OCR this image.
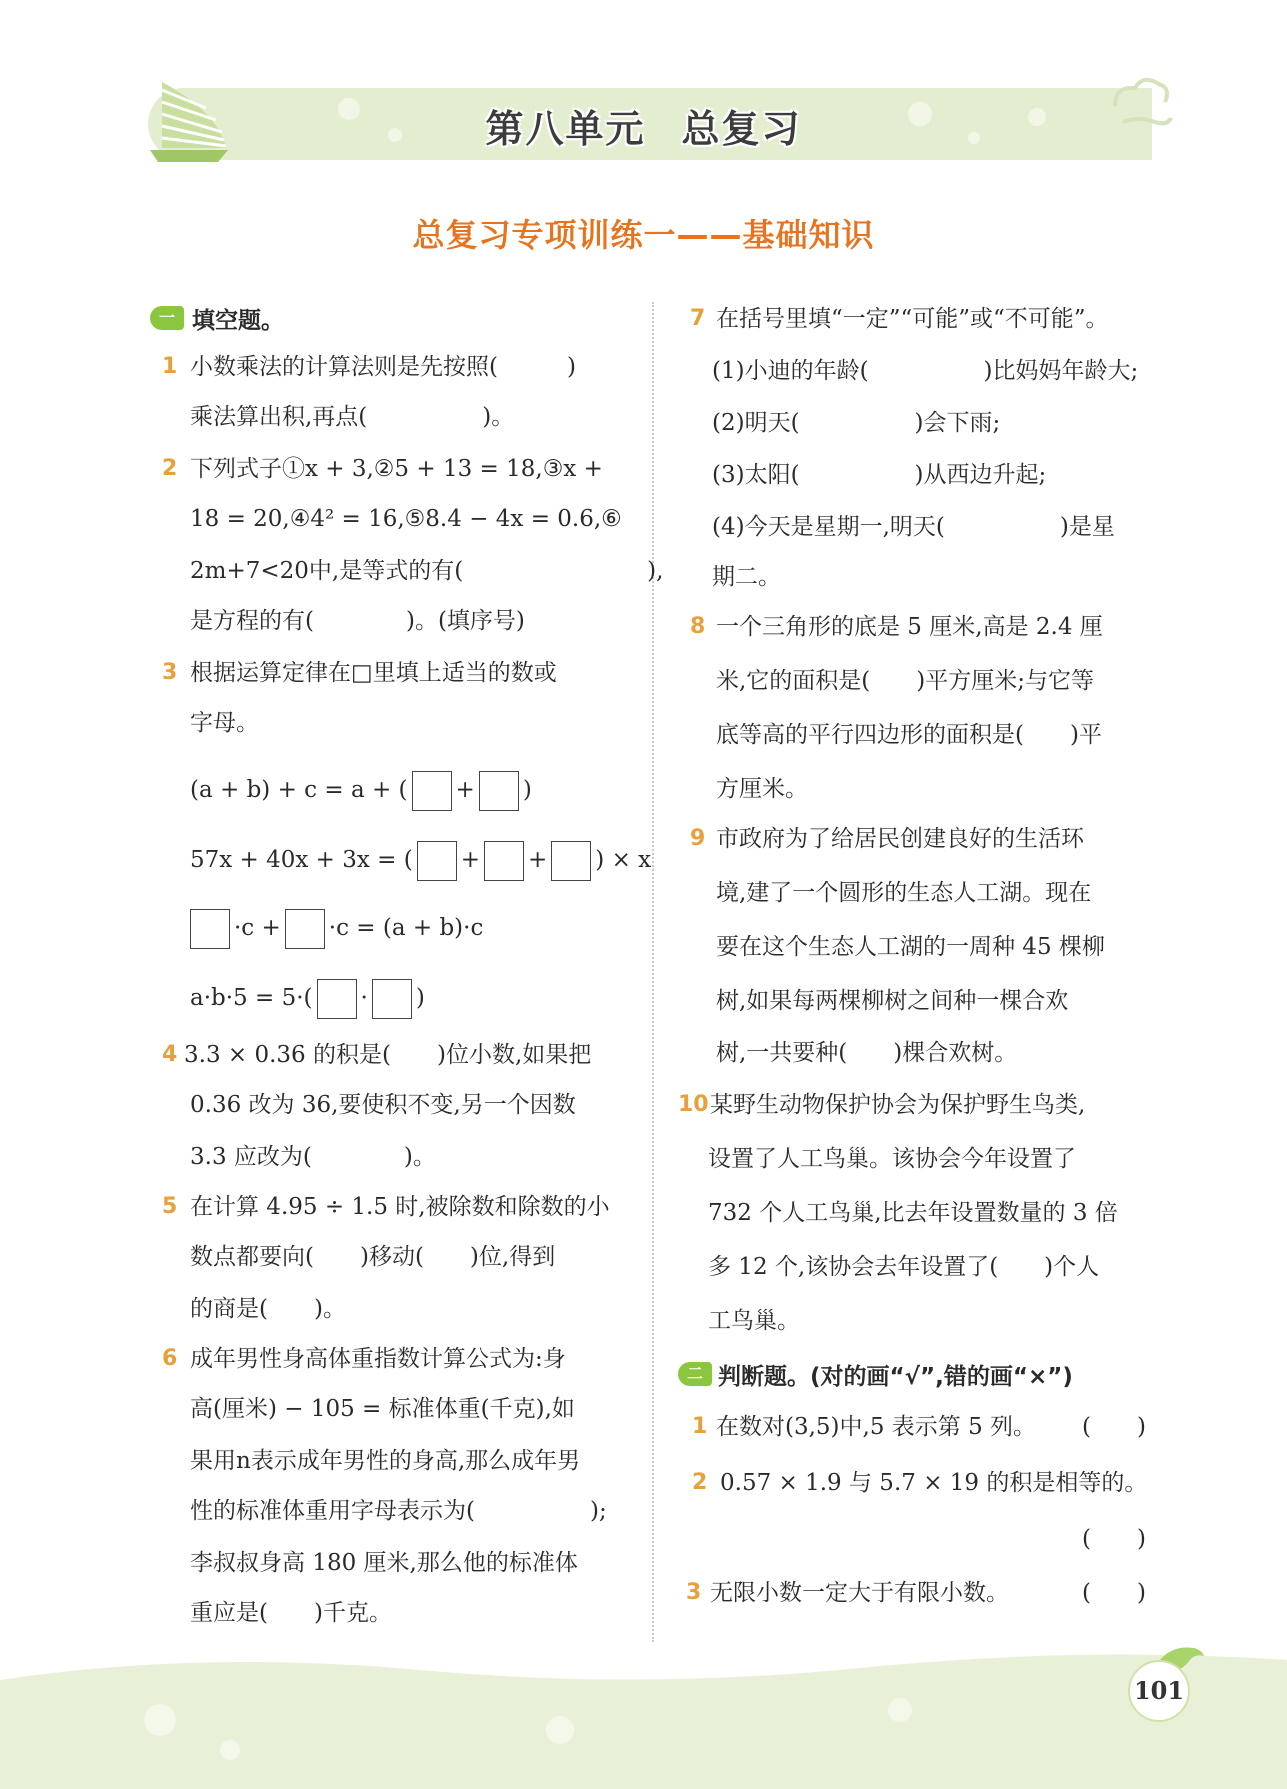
第八单元 总复习
总复习专项训练一——基础知识
一 填空题。
1 小数乘法的计算法则是先按照(　　　)
乘法算出积,再点(　　　　　)。
2 下列式子①x + 3,②5 + 13 = 18,③x +
18 = 20,④4² = 16,⑤8.4 − 4x = 0.6,⑥
2m+7<20中,是等式的有(　　　　　　　　),
是方程的有(　　　　)。(填序号)
3 根据运算定律在□里填上适当的数或
字母。
(a + b) + c = a + ( + )
57x + 40x + 3x = ( + + ) × x
·c + ·c = (a + b)·c
a·b·5 = 5·( · )
4 3.3 × 0.36 的积是(　　)位小数,如果把
0.36 改为 36,要使积不变,另一个因数
3.3 应改为(　　　　)。
5 在计算 4.95 ÷ 1.5 时,被除数和除数的小
数点都要向(　　)移动(　　)位,得到
的商是(　　)。
6 成年男性身高体重指数计算公式为:身
高(厘米) − 105 = 标准体重(千克),如
果用n表示成年男性的身高,那么成年男
性的标准体重用字母表示为(　　　　　);
李叔叔身高 180 厘米,那么他的标准体
重应是(　　)千克。
7 在括号里填“一定”“可能”或“不可能”。
(1)小迪的年龄(　　　　　)比妈妈年龄大;
(2)明天(　　　　　)会下雨;
(3)太阳(　　　　　)从西边升起;
(4)今天是星期一,明天(　　　　　)是星
期二。
8 一个三角形的底是 5 厘米,高是 2.4 厘
米,它的面积是(　　)平方厘米;与它等
底等高的平行四边形的面积是(　　)平
方厘米。
9 市政府为了给居民创建良好的生活环
境,建了一个圆形的生态人工湖。现在
要在这个生态人工湖的一周种 45 棵柳
树,如果每两棵柳树之间种一棵合欢
树,一共要种(　　)棵合欢树。
10 某野生动物保护协会为保护野生鸟类,
设置了人工鸟巢。该协会今年设置了
732 个人工鸟巢,比去年设置数量的 3 倍
多 12 个,该协会去年设置了(　　)个人
工鸟巢。
二 判断题。(对的画“√”,错的画“×”)
1 在数对(3,5)中,5 表示第 5 列。 (　　)
2 0.57 × 1.9 与 5.7 × 19 的积是相等的。
(　　)
3 无限小数一定大于有限小数。	(　　)
101
